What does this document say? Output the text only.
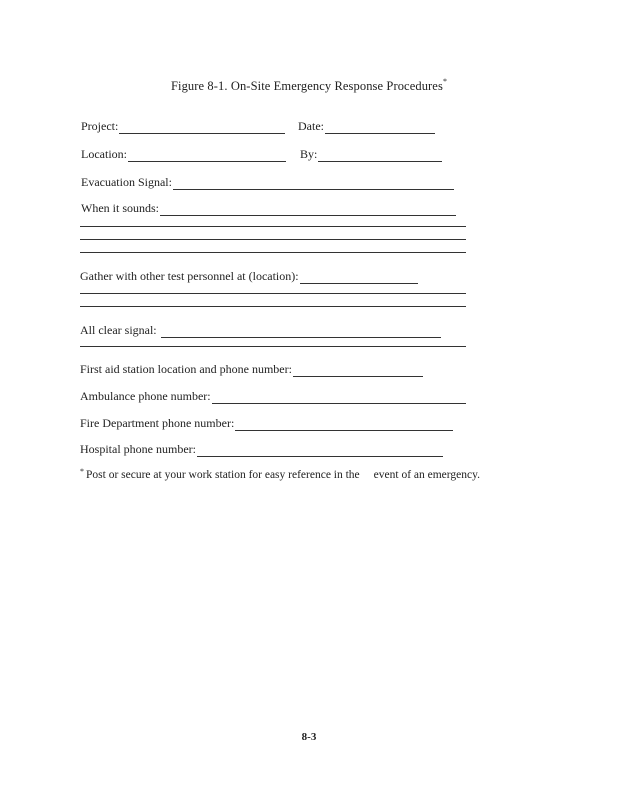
Figure 8-1. On-Site Emergency Response Procedures*
Project:	Date:
Location:	By:
Evacuation Signal:
When it sounds:
Gather with other test personnel at (location):
All clear signal:
First aid station location and phone number:
Ambulance phone number:
Fire Department phone number:
Hospital phone number:
* Post or secure at your work station for easy reference in the event of an emergency.
8-3
